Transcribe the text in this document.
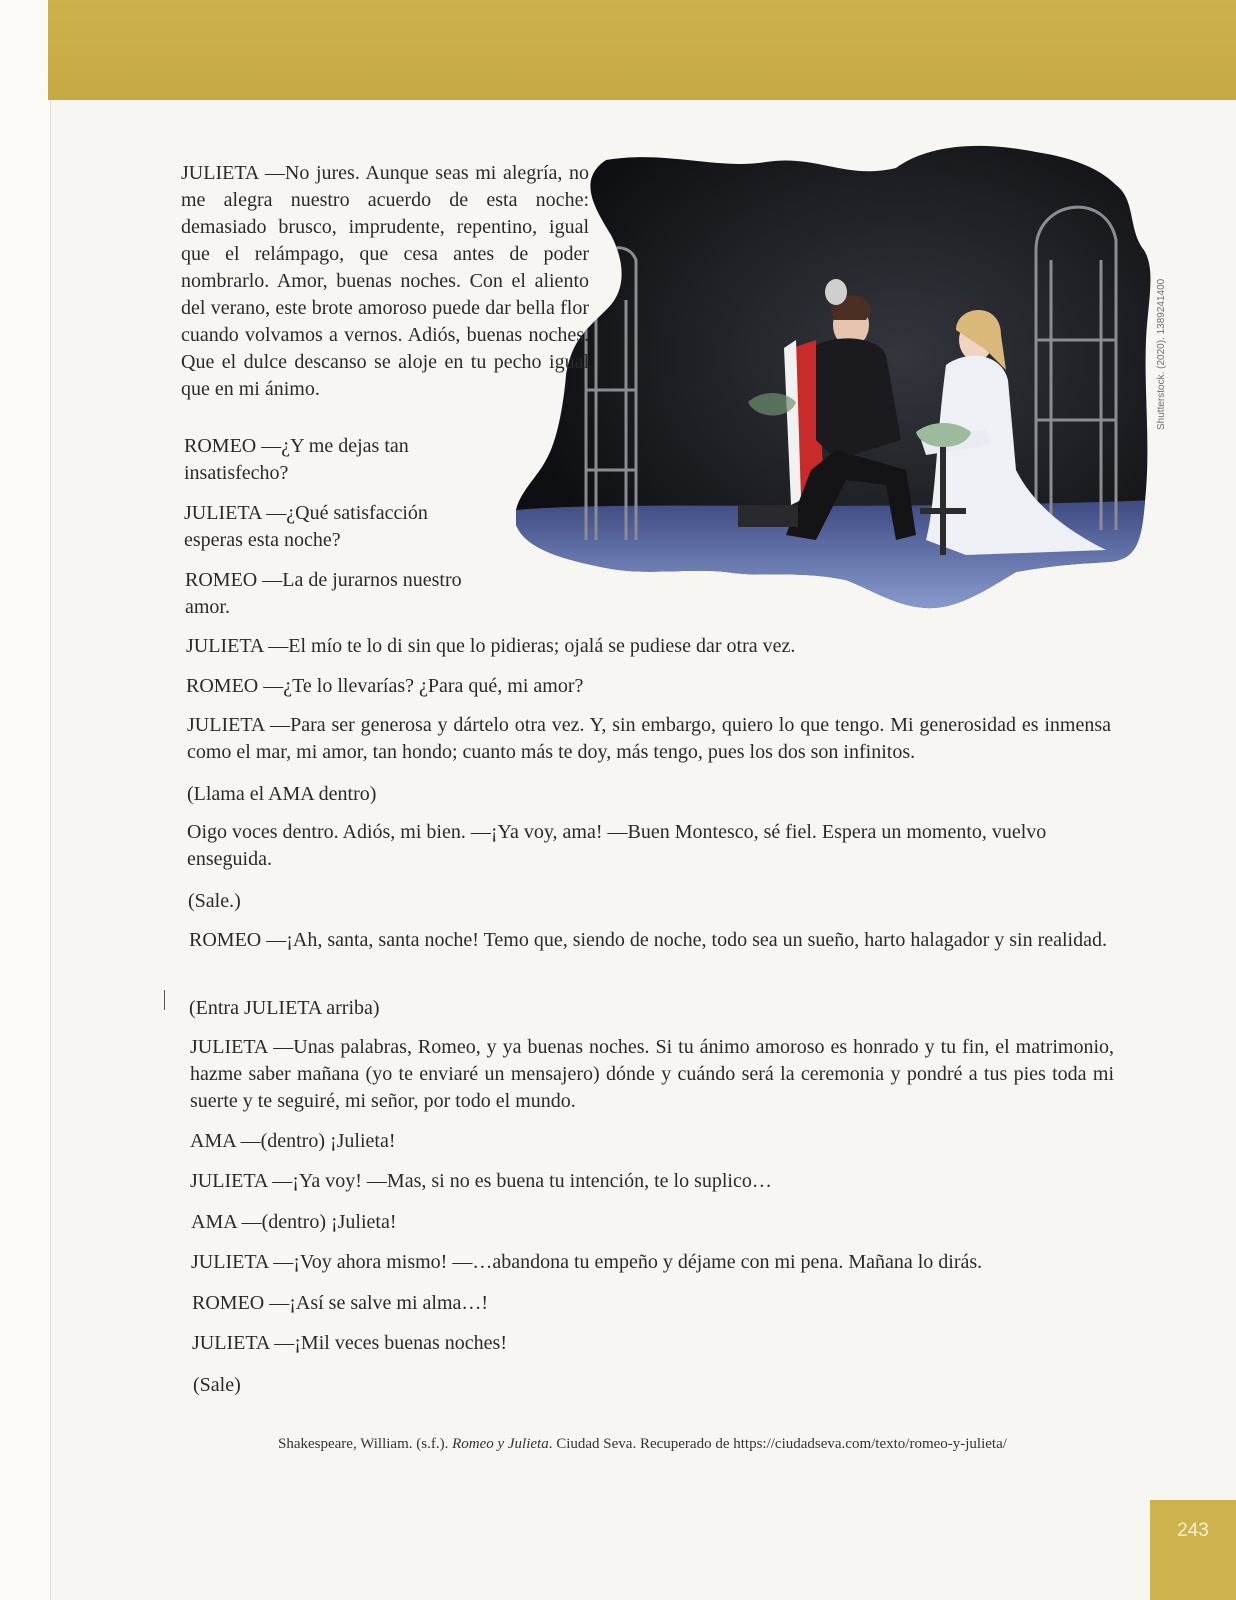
Shutterstock. (2020). 1389241400

JULIETA —No jures. Aunque seas mi alegría, no me alegra nuestro acuerdo de esta noche: demasiado brusco, imprudente, repentino, igual que el relámpago, que cesa antes de poder nombrarlo. Amor, buenas noches. Con el aliento del verano, este brote amoroso puede dar bella flor cuando volvamos a vernos. Adiós, buenas noches. Que el dulce descanso se aloje en tu pecho igual que en mi ánimo.

ROMEO —¿Y me dejas tan insatisfecho?

JULIETA —¿Qué satisfacción esperas esta noche?

ROMEO —La de jurarnos nuestro amor.

JULIETA —El mío te lo di sin que lo pidieras; ojalá se pudiese dar otra vez.

ROMEO —¿Te lo llevarías? ¿Para qué, mi amor?

JULIETA —Para ser generosa y dártelo otra vez. Y, sin embargo, quiero lo que tengo. Mi generosidad es inmensa como el mar, mi amor, tan hondo; cuanto más te doy, más tengo, pues los dos son infinitos.

(Llama el AMA dentro)

Oigo voces dentro. Adiós, mi bien. —¡Ya voy, ama! —Buen Montesco, sé fiel. Espera un momento, vuelvo enseguida.

(Sale.)

ROMEO —¡Ah, santa, santa noche! Temo que, siendo de noche, todo sea un sueño, harto halagador y sin realidad.

(Entra JULIETA arriba)

JULIETA —Unas palabras, Romeo, y ya buenas noches. Si tu ánimo amoroso es honrado y tu fin, el matrimonio, hazme saber mañana (yo te enviaré un mensajero) dónde y cuándo será la ceremonia y pondré a tus pies toda mi suerte y te seguiré, mi señor, por todo el mundo.

AMA —(dentro) ¡Julieta!

JULIETA —¡Ya voy! —Mas, si no es buena tu intención, te lo suplico…

AMA —(dentro) ¡Julieta!

JULIETA —¡Voy ahora mismo! —…abandona tu empeño y déjame con mi pena. Mañana lo dirás.

ROMEO —¡Así se salve mi alma…!

JULIETA —¡Mil veces buenas noches!

(Sale)

Shakespeare, William. (s.f.). Romeo y Julieta. Ciudad Seva. Recuperado de https://ciudadseva.com/texto/romeo-y-julieta/
243
